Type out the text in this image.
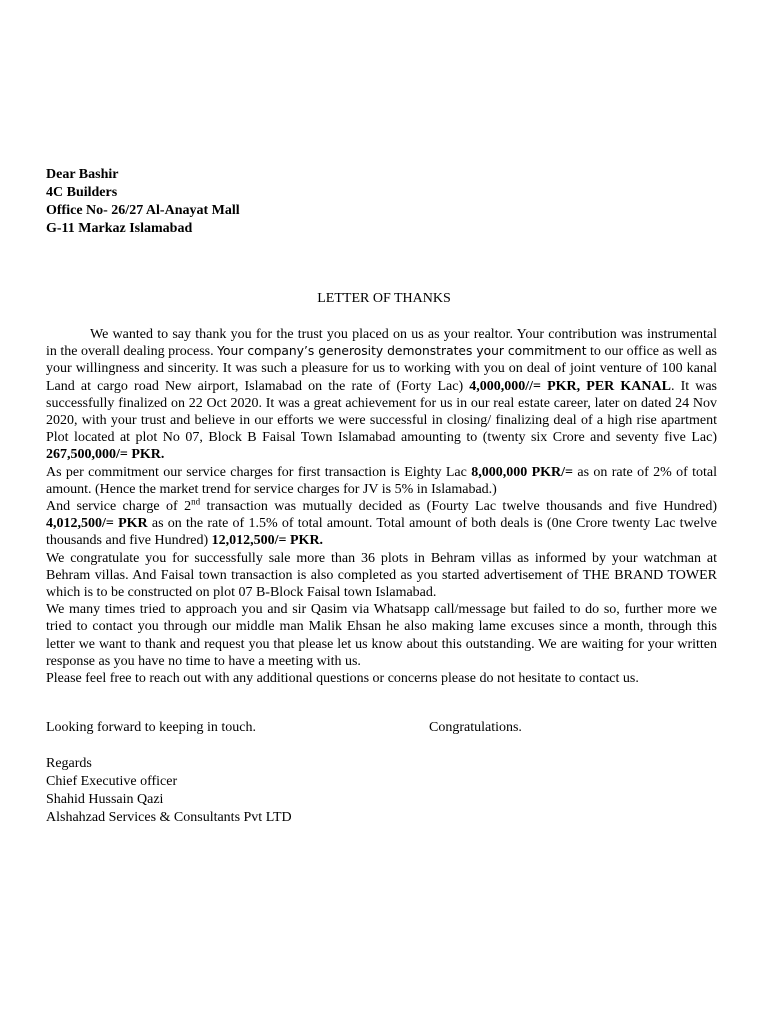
Dear Bashir
4C Builders
Office No- 26/27 Al-Anayat Mall
G-11 Markaz Islamabad
LETTER OF THANKS

We wanted to say thank you for the trust you placed on us as your realtor. Your contribution was instrumental in the overall dealing process. Your company’s generosity demonstrates your commitment to our office as well as your willingness and sincerity. It was such a pleasure for us to working with you on deal of joint venture of 100 kanal Land at cargo road New airport, Islamabad on the rate of (Forty Lac) 4,000,000//= PKR, PER KANAL. It was successfully finalized on 22 Oct 2020. It was a great achievement for us in our real estate career, later on dated 24 Nov 2020, with your trust and believe in our efforts we were successful in closing/ finalizing deal of a high rise apartment Plot located at plot No 07, Block B Faisal Town Islamabad amounting to (twenty six Crore and seventy five Lac) 267,500,000/= PKR.

As per commitment our service charges for first transaction is Eighty Lac 8,000,000 PKR/= as on rate of 2% of total amount. (Hence the market trend for service charges for JV is 5% in Islamabad.)

And service charge of 2nd transaction was mutually decided as (Fourty Lac twelve thousands and five Hundred) 4,012,500/= PKR as on the rate of 1.5% of total amount. Total amount of both deals is (0ne Crore twenty Lac twelve thousands and five Hundred) 12,012,500/= PKR.

We congratulate you for successfully sale more than 36 plots in Behram villas as informed by your watchman at Behram villas. And Faisal town transaction is also completed as you started advertisement of THE BRAND TOWER which is to be constructed on plot 07 B-Block Faisal town Islamabad.

We many times tried to approach you and sir Qasim via Whatsapp call/message but failed to do so, further more we tried to contact you through our middle man Malik Ehsan he also making lame excuses since a month, through this letter we want to thank and request you that please let us know about this outstanding. We are waiting for your written response as you have no time to have a meeting with us.

Please feel free to reach out with any additional questions or concerns please do not hesitate to contact us.

Looking forward to keeping in touch.	Congratulations.
Regards
Chief Executive officer
Shahid Hussain Qazi
Alshahzad Services & Consultants Pvt LTD
